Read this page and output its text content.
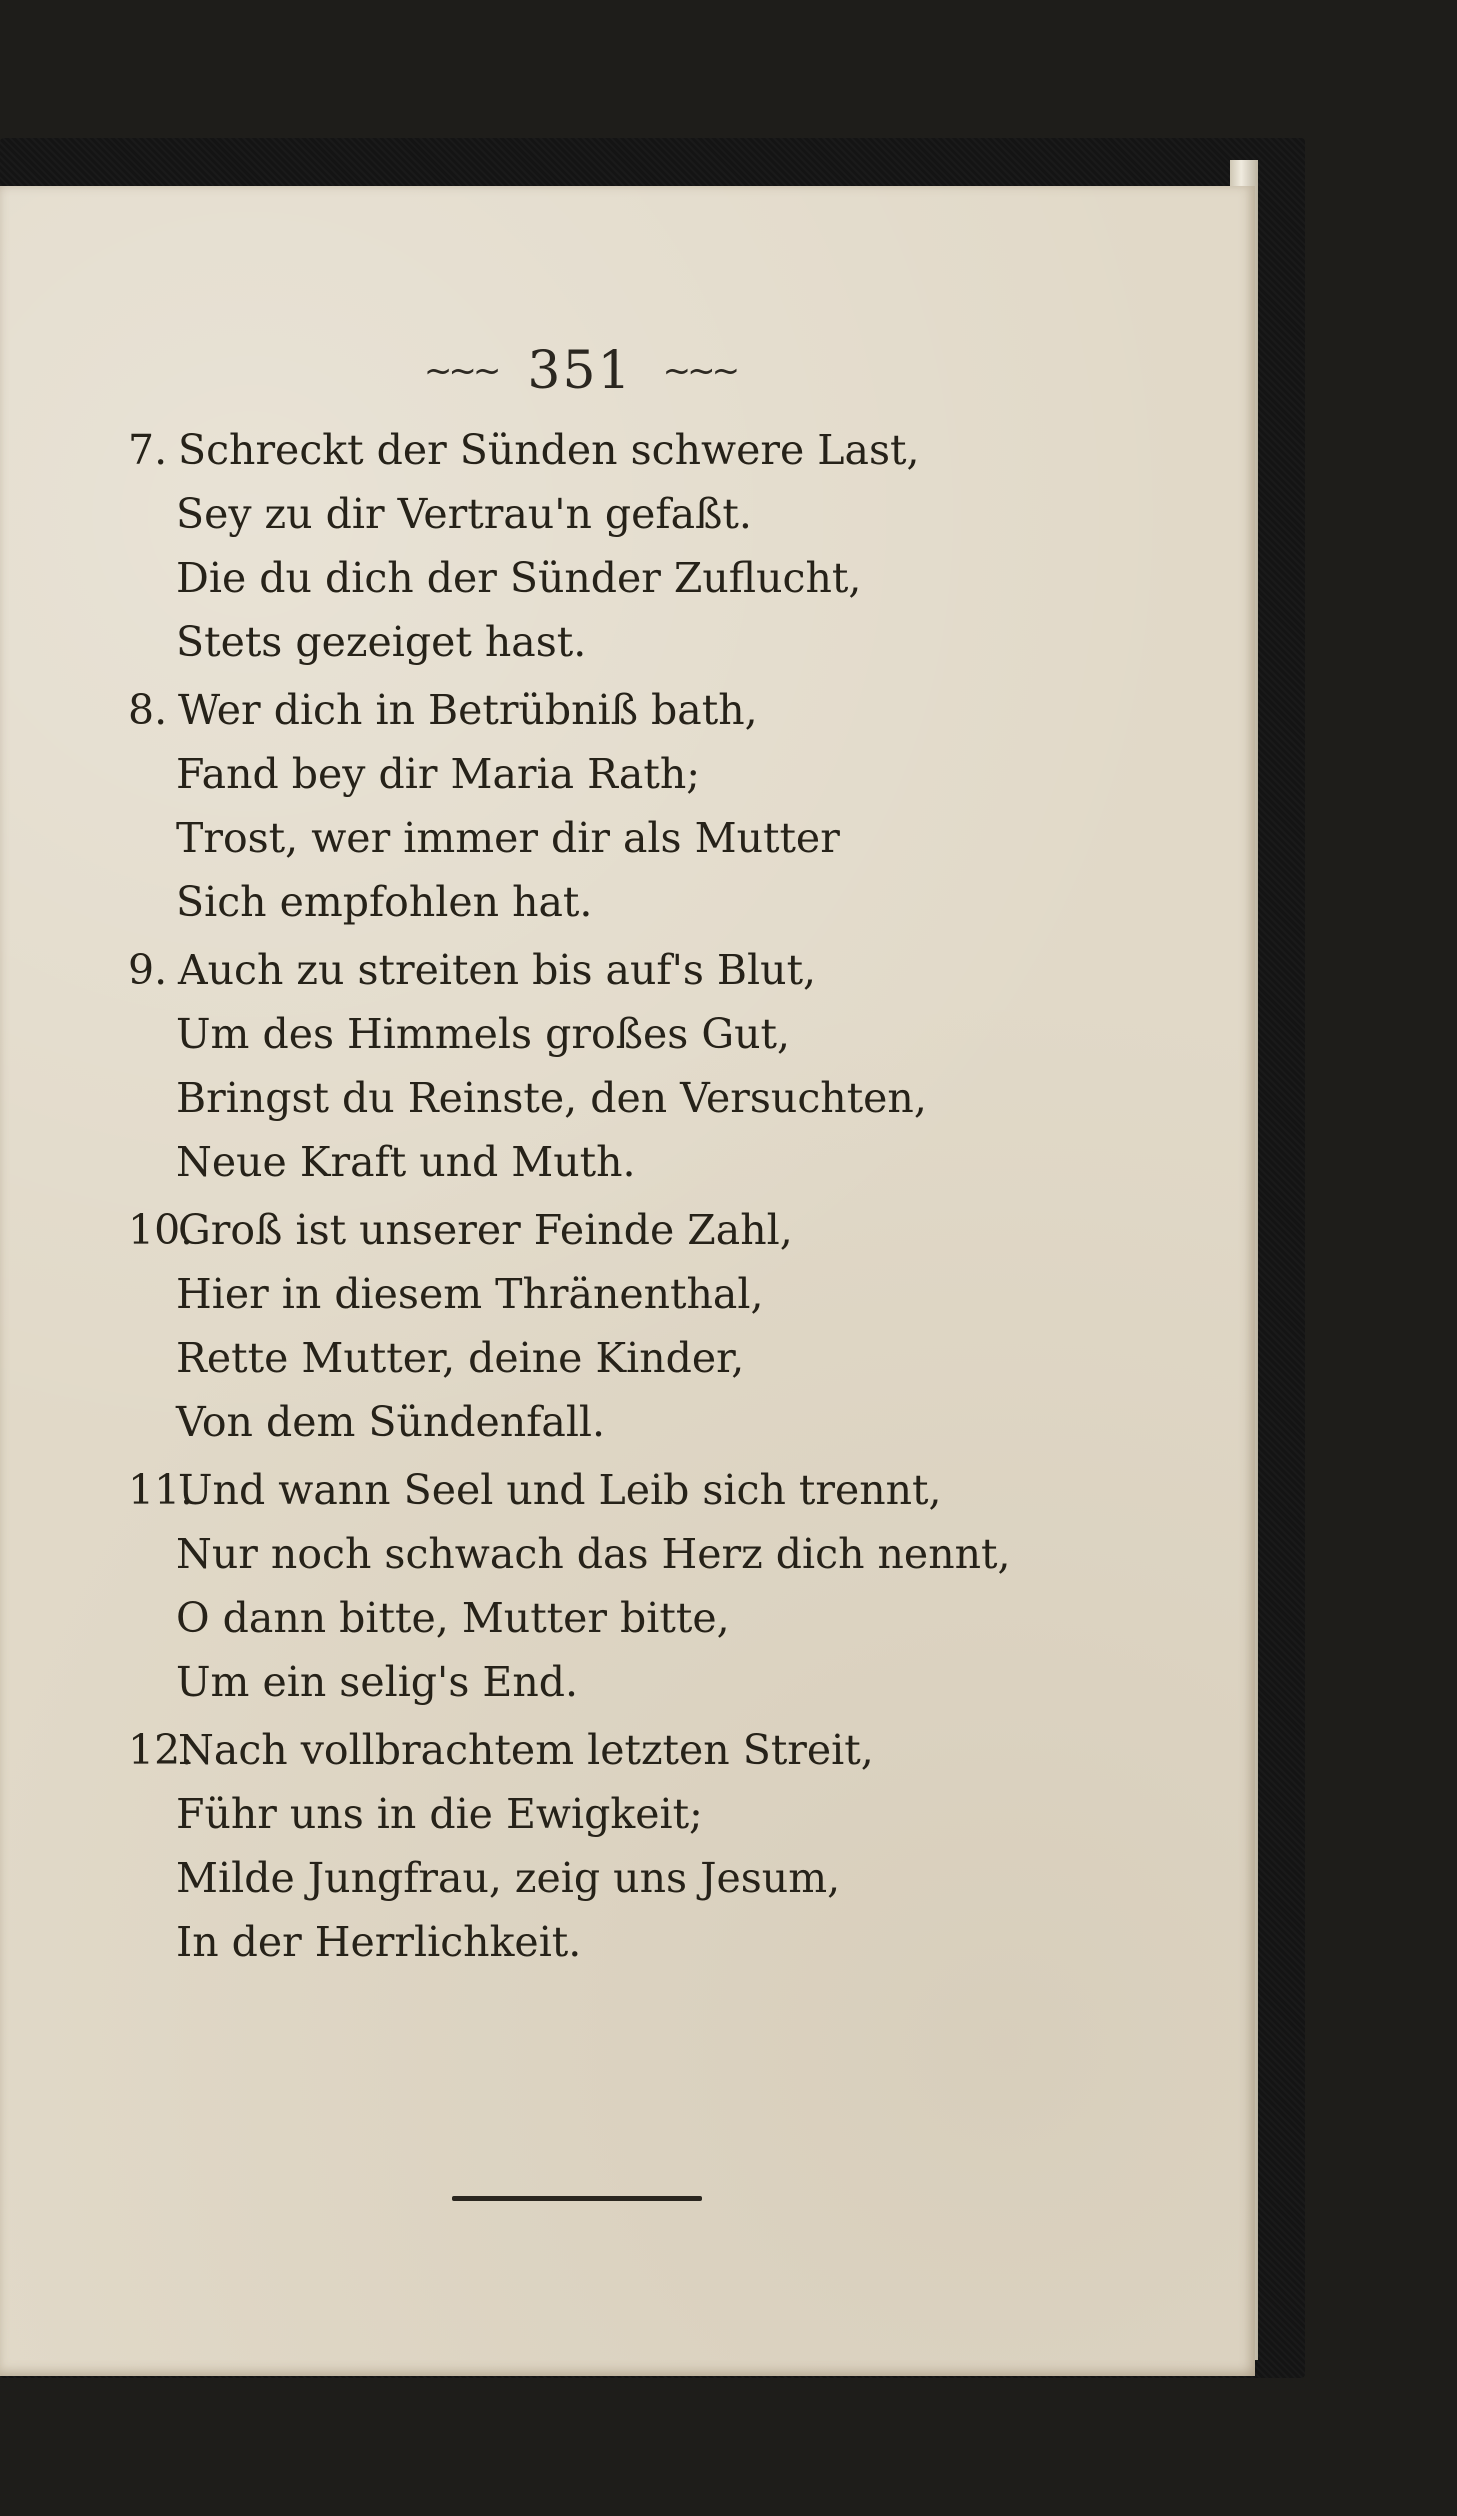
~~~ 351 ~~~
7. Schreckt der Sünden schwere Last,
Sey zu dir Vertrau'n gefaßt.
Die du dich der Sünder Zuflucht,
Stets gezeiget hast.
8. Wer dich in Betrübniß bath,
Fand bey dir Maria Rath;
Trost, wer immer dir als Mutter
Sich empfohlen hat.
9. Auch zu streiten bis auf's Blut,
Um des Himmels großes Gut,
Bringst du Reinste, den Versuchten,
Neue Kraft und Muth.
10.Groß ist unserer Feinde Zahl,
Hier in diesem Thränenthal,
Rette Mutter, deine Kinder,
Von dem Sündenfall.
11.Und wann Seel und Leib sich trennt,
Nur noch schwach das Herz dich nennt,
O dann bitte, Mutter bitte,
Um ein selig's End.
12.Nach vollbrachtem letzten Streit,
Führ uns in die Ewigkeit;
Milde Jungfrau, zeig uns Jesum,
In der Herrlichkeit.
